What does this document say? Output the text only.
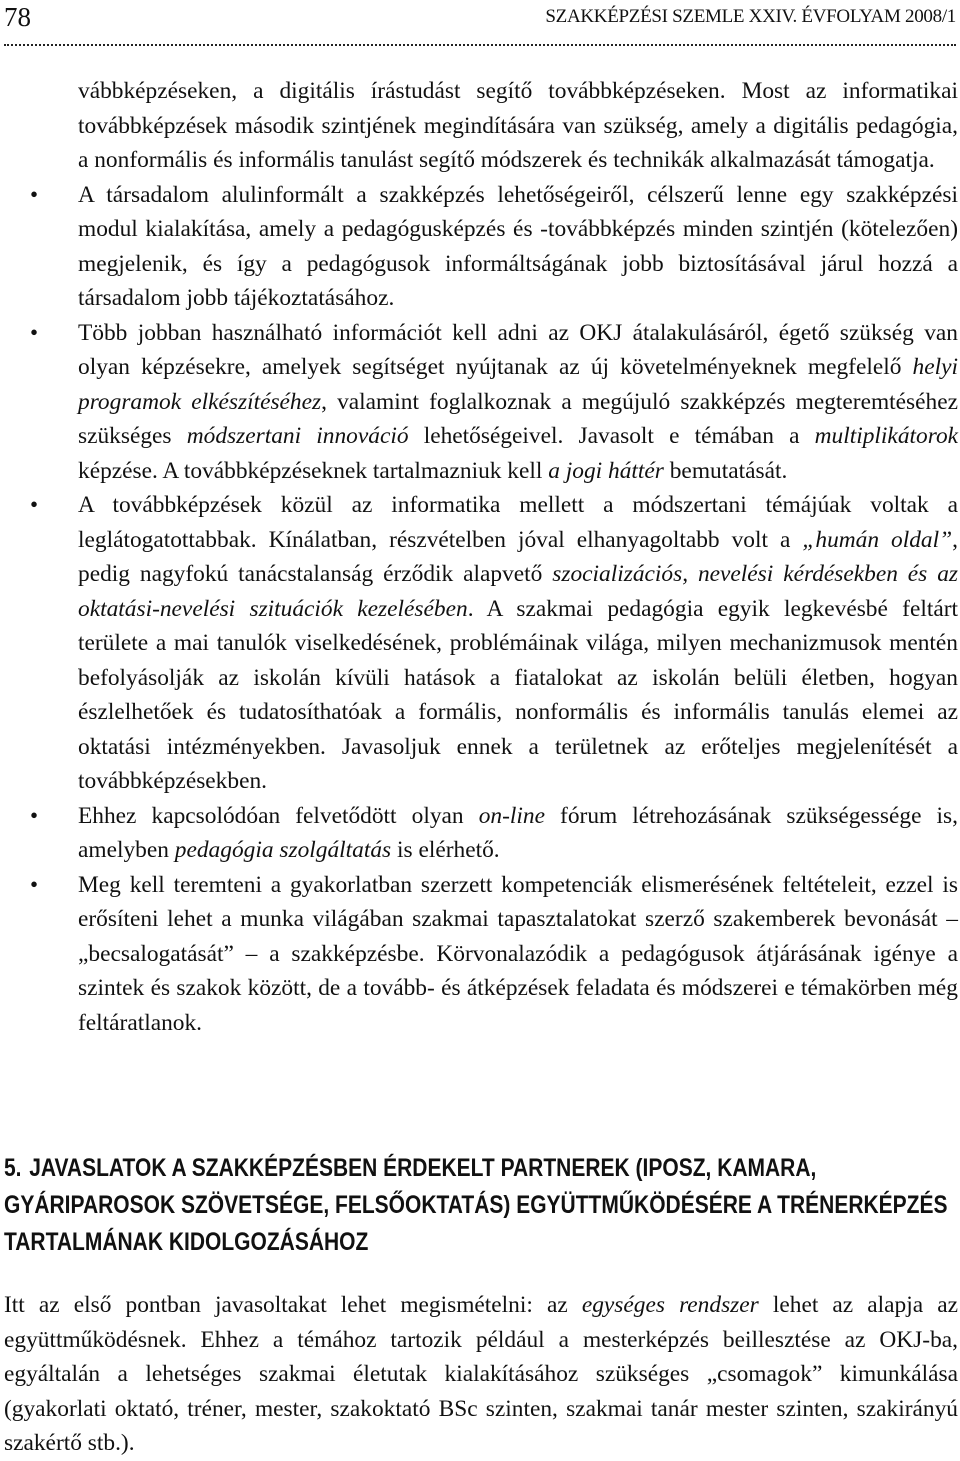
78	SZAKKÉPZÉSI SZEMLE XXIV. ÉVFOLYAM 2008/1

vábbképzéseken, a digitális írástudást segítő továbbképzéseken. Most az informatikai továbbképzések második szintjének megindítására van szükség, amely a digitális pedagógia, a nonformális és informális tanulást segítő módszerek és technikák alkalmazását támogatja.

• A társadalom alulinformált a szakképzés lehetőségeiről, célszerű lenne egy szakképzési modul kialakítása, amely a pedagógusképzés és -továbbképzés minden szintjén (kötelezően) megjelenik, és így a pedagógusok informáltságának jobb biztosításával járul hozzá a társadalom jobb tájékoztatásához.

• Több jobban használható információt kell adni az OKJ átalakulásáról, égető szükség van olyan képzésekre, amelyek segítséget nyújtanak az új követelményeknek megfelelő helyi programok elkészítéséhez, valamint foglalkoznak a megújuló szakképzés megteremtéséhez szükséges módszertani innováció lehetőségeivel. Javasolt e témában a multiplikátorok képzése. A továbbképzéseknek tartalmazniuk kell a jogi háttér bemutatását.

• A továbbképzések közül az informatika mellett a módszertani témájúak voltak a leglátogatottabbak. Kínálatban, részvételben jóval elhanyagoltabb volt a „humán oldal”, pedig nagyfokú tanácstalanság érződik alapvető szocializációs, nevelési kérdésekben és az oktatási-nevelési szituációk kezelésében. A szakmai pedagógia egyik legkevésbé feltárt területe a mai tanulók viselkedésének, problémáinak világa, milyen mechanizmusok mentén befolyásolják az iskolán kívüli hatások a fiatalokat az iskolán belüli életben, hogyan észlelhetőek és tudatosíthatóak a formális, nonformális és informális tanulás elemei az oktatási intézményekben. Javasoljuk ennek a területnek az erőteljes megjelenítését a továbbképzésekben.

• Ehhez kapcsolódóan felvetődött olyan on-line fórum létrehozásának szükségessége is, amelyben pedagógia szolgáltatás is elérhető.

• Meg kell teremteni a gyakorlatban szerzett kompetenciák elismerésének feltételeit, ezzel is erősíteni lehet a munka világában szakmai tapasztalatokat szerző szakemberek bevonását – „becsalogatását” – a szakképzésbe. Körvonalazódik a pedagógusok átjárásának igénye a szintek és szakok között, de a tovább- és átképzések feladata és módszerei e témakörben még feltáratlanok.

5. JAVASLATOK A SZAKKÉPZÉSBEN ÉRDEKELT PARTNEREK (IPOSZ, KAMARA, GYÁRIPAROSOK SZÖVETSÉGE, FELSŐOKTATÁS) EGYÜTTMŰKÖDÉSÉRE A TRÉNERKÉPZÉS TARTALMÁNAK KIDOLGOZÁSÁHOZ

Itt az első pontban javasoltakat lehet megismételni: az egységes rendszer lehet az alapja az együttműködésnek. Ehhez a témához tartozik például a mesterképzés beillesztése az OKJ-ba, egyáltalán a lehetséges szakmai életutak kialakításához szükséges „csomagok” kimunkálása (gyakorlati oktató, tréner, mester, szakoktató BSc szinten, szakmai tanár mester szinten, szakirányú szakértő stb.).
